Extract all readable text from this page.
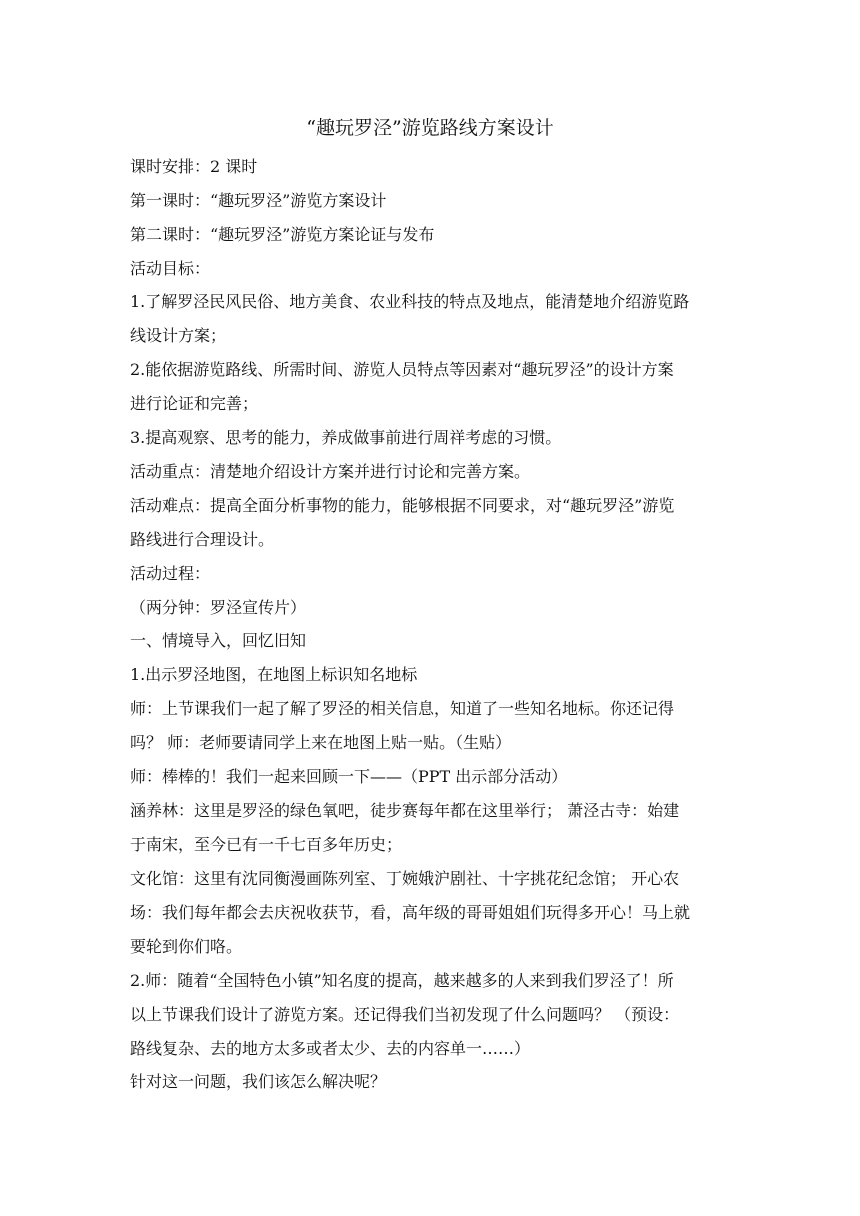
“趣玩罗泾”游览路线方案设计
课时安排：2 课时
第一课时：“趣玩罗泾”游览方案设计
第二课时：“趣玩罗泾”游览方案论证与发布
活动目标：
1.了解罗泾民风民俗、地方美食、农业科技的特点及地点，能清楚地介绍游览路
线设计方案；
2.能依据游览路线、所需时间、游览人员特点等因素对“趣玩罗泾”的设计方案
进行论证和完善；
3.提高观察、思考的能力，养成做事前进行周祥考虑的习惯。
活动重点：清楚地介绍设计方案并进行讨论和完善方案。
活动难点：提高全面分析事物的能力，能够根据不同要求，对“趣玩罗泾”游览
路线进行合理设计。
活动过程：
（两分钟：罗泾宣传片）
一、情境导入，回忆旧知
1.出示罗泾地图，在地图上标识知名地标
师：上节课我们一起了解了罗泾的相关信息，知道了一些知名地标。你还记得
吗？ 师：老师要请同学上来在地图上贴一贴。（生贴）
师：棒棒的！我们一起来回顾一下——（PPT 出示部分活动）
涵养林：这里是罗泾的绿色氧吧，徒步赛每年都在这里举行； 萧泾古寺：始建
于南宋，至今已有一千七百多年历史；
文化馆：这里有沈同衡漫画陈列室、丁婉娥沪剧社、十字挑花纪念馆； 开心农
场：我们每年都会去庆祝收获节，看，高年级的哥哥姐姐们玩得多开心！马上就
要轮到你们咯。
2.师：随着“全国特色小镇”知名度的提高，越来越多的人来到我们罗泾了！所
以上节课我们设计了游览方案。还记得我们当初发现了什么问题吗？ （预设：
路线复杂、去的地方太多或者太少、去的内容单一……）
针对这一问题，我们该怎么解决呢？
